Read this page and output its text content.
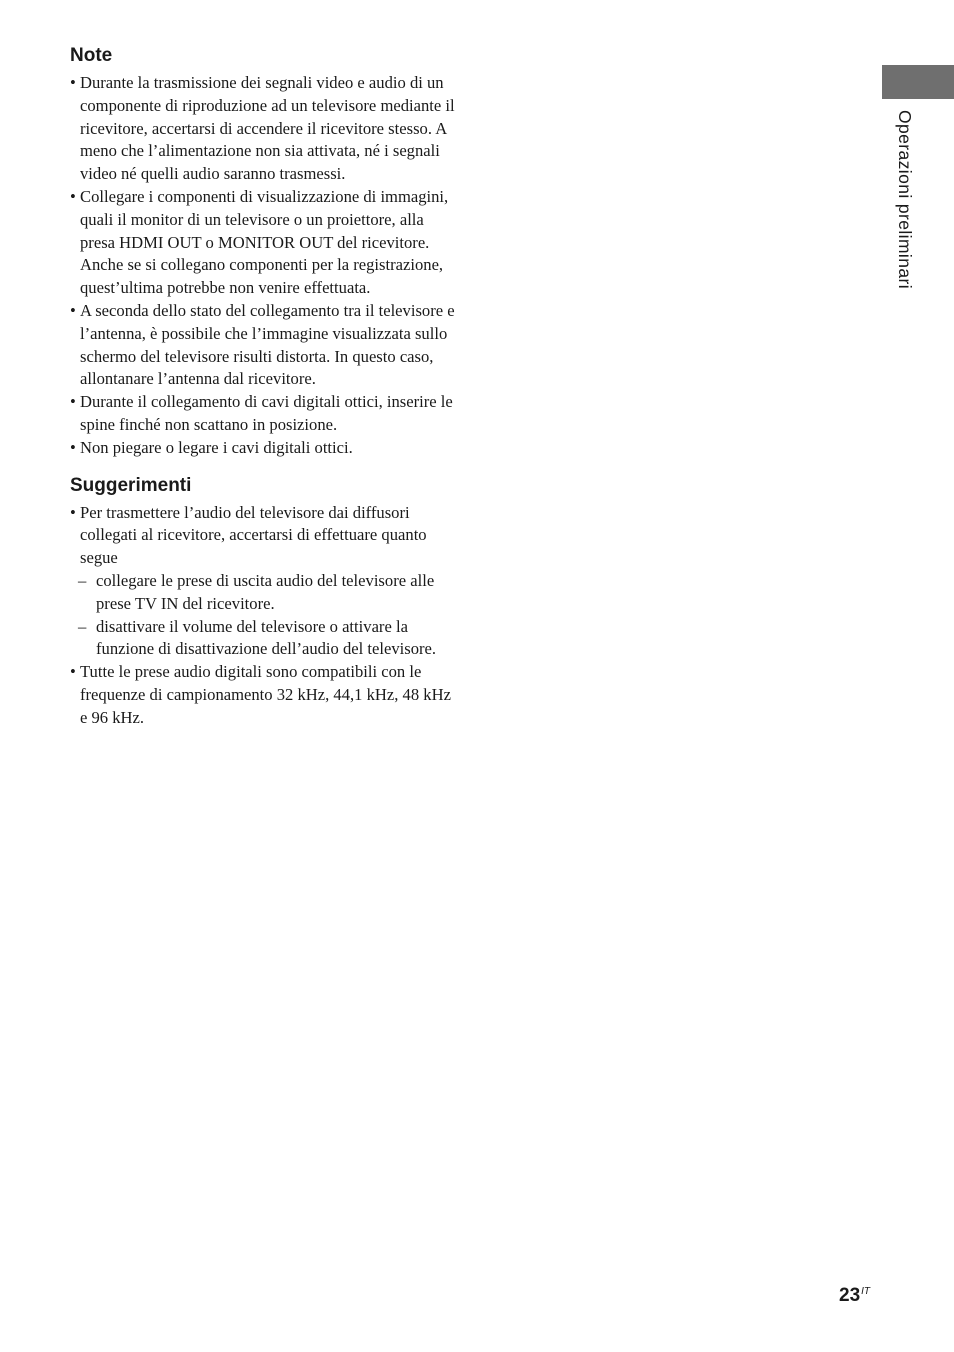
Operazioni preliminari
Note
• Durante la trasmissione dei segnali video e audio di un componente di riproduzione ad un televisore mediante il ricevitore, accertarsi di accendere il ricevitore stesso. A meno che l’alimentazione non sia attivata, né i segnali video né quelli audio saranno trasmessi.
• Collegare i componenti di visualizzazione di immagini, quali il monitor di un televisore o un proiettore, alla presa HDMI OUT o MONITOR OUT del ricevitore. Anche se si collegano componenti per la registrazione, quest’ultima potrebbe non venire effettuata.
• A seconda dello stato del collegamento tra il televisore e l’antenna, è possibile che l’immagine visualizzata sullo schermo del televisore risulti distorta. In questo caso, allontanare l’antenna dal ricevitore.
• Durante il collegamento di cavi digitali ottici, inserire le spine finché non scattano in posizione.
• Non piegare o legare i cavi digitali ottici.
Suggerimenti
• Per trasmettere l’audio del televisore dai diffusori collegati al ricevitore, accertarsi di effettuare quanto segue
– collegare le prese di uscita audio del televisore alle prese TV IN del ricevitore.
– disattivare il volume del televisore o attivare la funzione di disattivazione dell’audio del televisore.
• Tutte le prese audio digitali sono compatibili con le frequenze di campionamento 32 kHz, 44,1 kHz, 48 kHz e 96 kHz.
$23^{IT}$
